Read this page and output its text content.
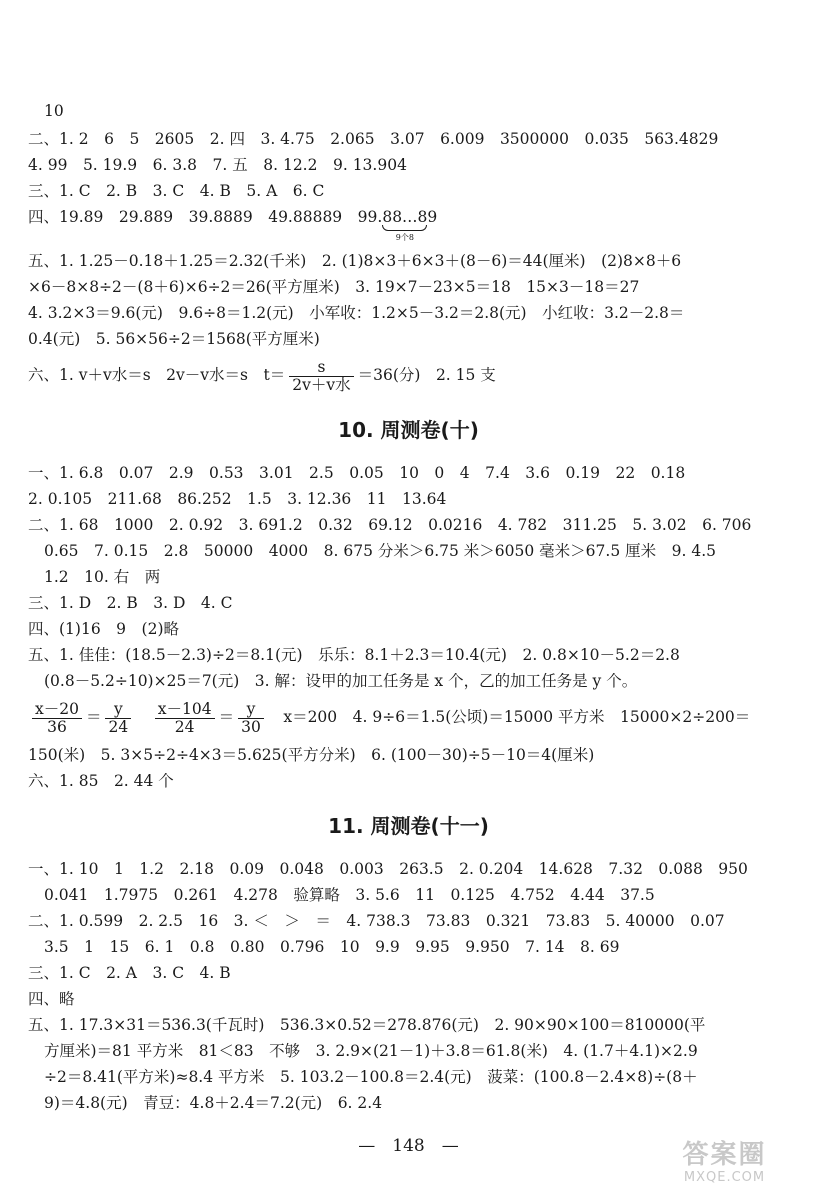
10
二、1. 2　6　5　2605　2. 四　3. 4.75　2.065　3.07　6.009　3500000　0.035　563.4829
4. 99　5. 19.9　6. 3.8　7. 五　8. 12.2　9. 13.904
三、1. C　2. B　3. C　4. B　5. A　6. C
四、19.89　29.889　39.8889　49.88889　99.88…8
9个8
9
五、1. 1.25－0.18＋1.25＝2.32(千米)　2. (1)8×3＋6×3＋(8－6)＝44(厘米)　(2)8×8＋6
×6－8×8÷2－(8＋6)×6÷2＝26(平方厘米)　3. 19×7－23×5＝18　15×3－18＝27
4. 3.2×3＝9.6(元)　9.6÷8＝1.2(元)　小军收：1.2×5－3.2＝2.8(元)　小红收：3.2－2.8＝
0.4(元)　5. 56×56÷2＝1568(平方厘米)
六、1. v＋v水＝s　2v－v水＝s　$t= \frac{s}{\text{2v＋v水}} =36$(分)　2. 15 支
10. 周测卷(十)
一、1. 6.8　0.07　2.9　0.53　3.01　2.5　0.05　10　0　4　7.4　3.6　0.19　22　0.18
2. 0.105　211.68　86.252　1.5　3. 12.36　11　13.64
二、1. 68　1000　2. 0.92　3. 691.2　0.32　69.12　0.0216　4. 782　311.25　5. 3.02　6. 706
0.65　7. 0.15　2.8　50000　4000　8. 675 分米＞6.75 米＞6050 毫米＞67.5 厘米　9. 4.5
1.2　10. 右　两
三、1. D　2. B　3. D　4. C
四、(1)16　9　(2)略
五、1. 佳佳：(18.5－2.3)÷2＝8.1(元)　乐乐：8.1＋2.3＝10.4(元)　2. 0.8×10－5.2＝2.8
(0.8－5.2÷10)×25＝7(元)　3. 解：设甲的加工任务是 x 个，乙的加工任务是 y 个。
$\frac{x-20}{36} = \frac{y}{24}$
　 $\frac{x-104}{24} = \frac{y}{30}$
　 x＝200　4. 9÷6＝1.5(公顷)＝15000 平方米　15000×2÷200＝
150(米)　5. 3×5÷2÷4×3＝5.625(平方分米)　6. (100－30)÷5－10＝4(厘米)
六、1. 85　2. 44 个
11. 周测卷(十一)
一、1. 10　1　1.2　2.18　0.09　0.048　0.003　263.5　2. 0.204　14.628　7.32　0.088　950
0.041　1.7975　0.261　4.278　验算略　3. 5.6　11　0.125　4.752　4.44　37.5
二、1. 0.599　2. 2.5　16　3. ＜　＞　＝　4. 738.3　73.83　0.321　73.83　5. 40000　0.07
3.5　1　15　6. 1　0.8　0.80　0.796　10　9.9　9.95　9.950　7. 14　8. 69
三、1. C　2. A　3. C　4. B
四、略
五、1. 17.3×31＝536.3(千瓦时)　536.3×0.52＝278.876(元)　2. 90×90×100＝810000(平
方厘米)＝81 平方米　81＜83　不够　3. 2.9×(21－1)＋3.8＝61.8(米)　4. (1.7＋4.1)×2.9
÷2＝8.41(平方米)≈8.4 平方米　5. 103.2－100.8＝2.4(元)　菠菜：(100.8－2.4×8)÷(8＋
9)＝4.8(元)　青豆：4.8＋2.4＝7.2(元)　6. 2.4
—　148　—	答案圈
MXQE.COM
